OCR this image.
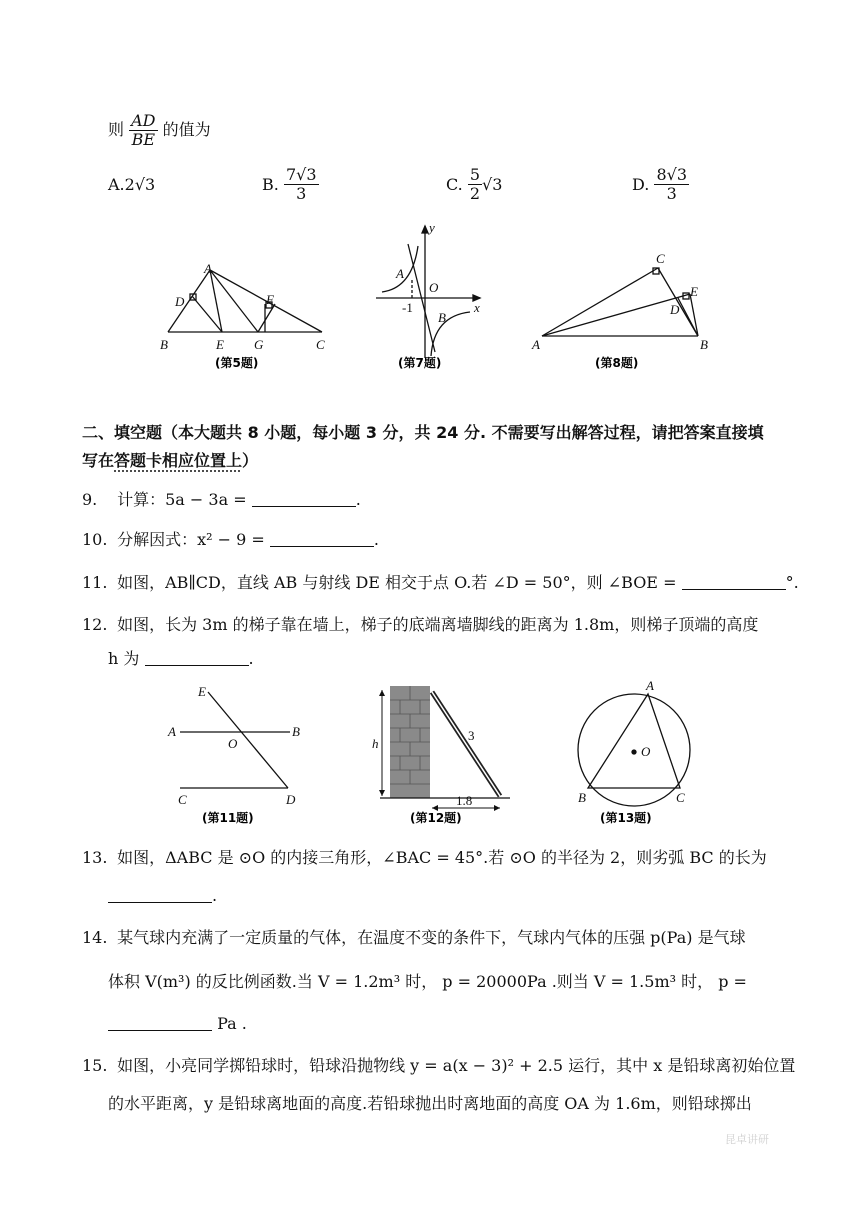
则 $\frac{AD}{BE}$ 的值为
A.2√3	B. $\frac{7√3}{3}$	C. $\frac{5}{2} √3$	D. $\frac{8√3}{3}$
A
D	F
B	E G	C
(第5题)
y
A
O
-1	x
B
(第7题)
C
E
D
A	B
(第8题)
二、填空题（本大题共 8 小题，每小题 3 分，共 24 分. 不需要写出解答过程，请把答案直接填
写在答题卡相应位置上）
9. 计算：5a − 3a =	.
10. 分解因式：x² − 9 =	.
11. 如图，AB∥CD，直线 AB 与射线 DE 相交于点 O.若 ∠D = 50°，则 ∠BOE =	°.
12. 如图，长为 3m 的梯子靠在墙上，梯子的底端离墙脚线的距离为 1.8m，则梯子顶端的高度
h 为	.
E
A
O
B
C	D
(第11题)
h
3
1.8
(第12题)
A
O
B	C
(第13题)
13. 如图，ΔABC 是 ⊙O 的内接三角形，∠BAC = 45°.若 ⊙O 的半径为 2，则劣弧 BC 的长为
.
14. 某气球内充满了一定质量的气体，在温度不变的条件下，气球内气体的压强 p(Pa) 是气球
体积 V(m³) 的反比例函数.当 V = 1.2m³ 时， p = 20000Pa .则当 V = 1.5m³ 时， p =
Pa .
15. 如图，小亮同学掷铅球时，铅球沿抛物线 y = a(x − 3)² + 2.5 运行，其中 x 是铅球离初始位置
的水平距离，y 是铅球离地面的高度.若铅球抛出时离地面的高度 OA 为 1.6m，则铅球掷出
昆卓讲研
